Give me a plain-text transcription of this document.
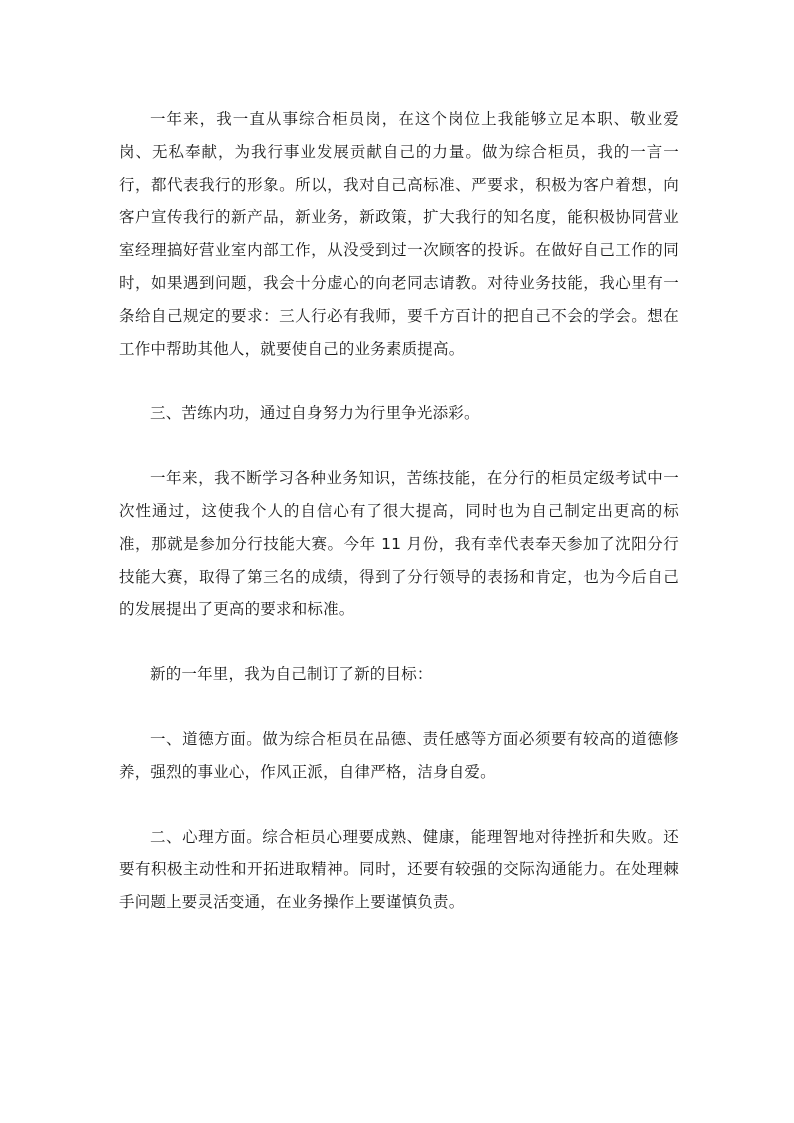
一年来，我一直从事综合柜员岗，在这个岗位上我能够立足本职、敬业爱岗、无私奉献，为我行事业发展贡献自己的力量。做为综合柜员，我的一言一行，都代表我行的形象。所以，我对自己高标准、严要求，积极为客户着想，向客户宣传我行的新产品，新业务，新政策，扩大我行的知名度，能积极协同营业室经理搞好营业室内部工作，从没受到过一次顾客的投诉。在做好自己工作的同时，如果遇到问题，我会十分虚心的向老同志请教。对待业务技能，我心里有一条给自己规定的要求：三人行必有我师，要千方百计的把自己不会的学会。想在工作中帮助其他人，就要使自己的业务素质提高。

三、苦练内功，通过自身努力为行里争光添彩。

一年来，我不断学习各种业务知识，苦练技能，在分行的柜员定级考试中一次性通过，这使我个人的自信心有了很大提高，同时也为自己制定出更高的标准，那就是参加分行技能大赛。今年 11 月份，我有幸代表奉天参加了沈阳分行技能大赛，取得了第三名的成绩，得到了分行领导的表扬和肯定，也为今后自己的发展提出了更高的要求和标准。

新的一年里，我为自己制订了新的目标：

一、道德方面。做为综合柜员在品德、责任感等方面必须要有较高的道德修养，强烈的事业心，作风正派，自律严格，洁身自爱。

二、心理方面。综合柜员心理要成熟、健康，能理智地对待挫折和失败。还要有积极主动性和开拓进取精神。同时，还要有较强的交际沟通能力。在处理棘手问题上要灵活变通，在业务操作上要谨慎负责。
